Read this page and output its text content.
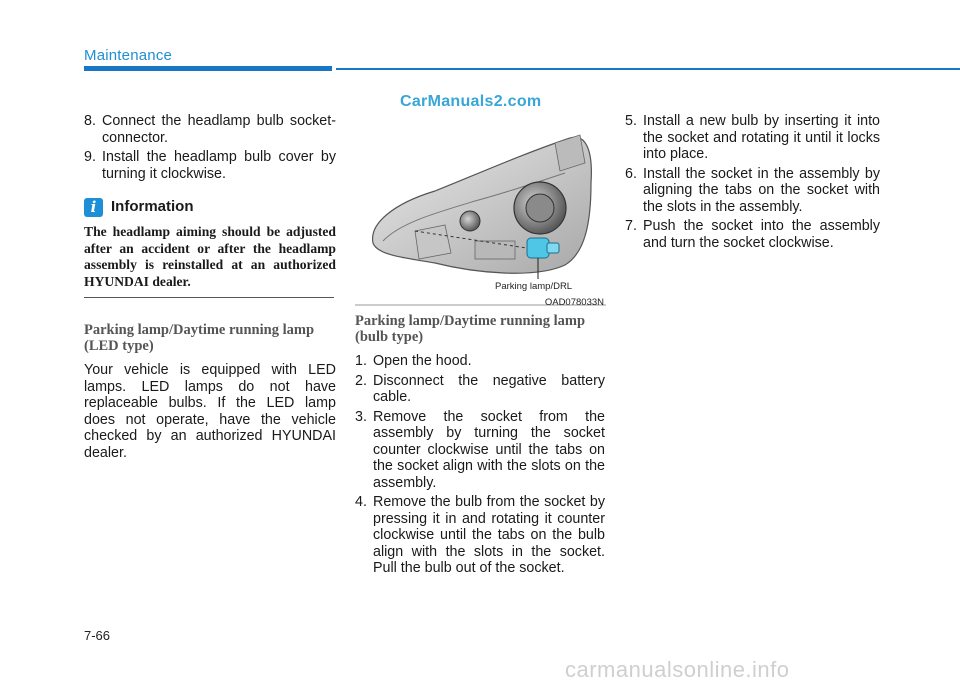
Maintenance
CarManuals2.com
8. Connect the headlamp bulb socket-connector.
9. Install the headlamp bulb cover by turning it clockwise.
i Information
The headlamp aiming should be adjusted after an accident or after the headlamp assembly is reinstalled at an authorized HYUNDAI dealer.
Parking lamp/Daytime running lamp (LED type)
Your vehicle is equipped with LED lamps. LED lamps do not have replaceable bulbs. If the LED lamp does not operate, have the vehicle checked by an authorized HYUNDAI dealer.
Parking lamp/DRL
OAD078033N
Parking lamp/Daytime running lamp (bulb type)
1. Open the hood.
2. Disconnect the negative battery cable.
3. Remove the socket from the assembly by turning the socket counter clockwise until the tabs on the socket align with the slots on the assembly.
4. Remove the bulb from the socket by pressing it in and rotating it counter clockwise until the tabs on the bulb align with the slots in the socket. Pull the bulb out of the socket.
5. Install a new bulb by inserting it into the socket and rotating it until it locks into place.
6. Install the socket in the assembly by aligning the tabs on the socket with the slots in the assembly.
7. Push the socket into the assembly and turn the socket clockwise.
7-66
carmanualsonline.info
